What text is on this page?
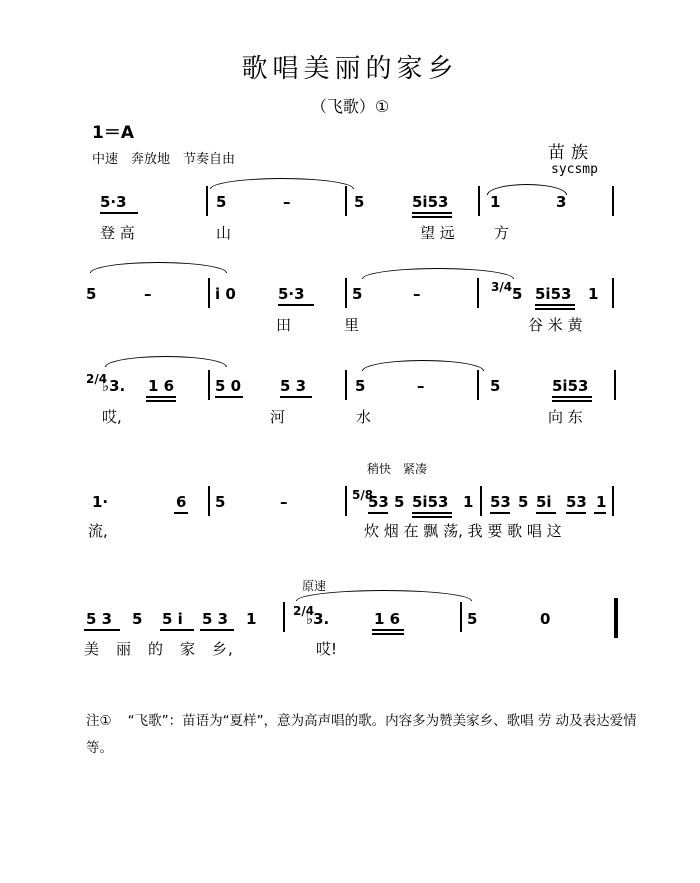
歌唱美丽的家乡
（飞歌）①
1＝A
中速　奔放地　节奏自由	苗族
sycsmp
5·3	5	–	5	5i53	1	3
登 高	山	望 远	方
5	–	i 0	5·3	5	–	3/4 5 5i53 1
田	里	谷 米 黄
2/4
♭3. 1 6	5 0	5 3	5	–	5	5i53
哎,	河	水	向 东
稍快　紧凑
1·	6 5	–	5/8
53 5 5i53 1 53 5 5i 53 1
流,	炊 烟 在 飘 荡, 我 要 歌 唱 这
原速
5 3 5 5 i 5 3 1	2/4
♭3.	1 6	5	0
美　丽　的　家　乡,	哎!
注① “飞歌”：苗语为“夏样”，意为高声唱的歌。内容多为赞美家乡、歌唱 劳 动及表达爱情等。
